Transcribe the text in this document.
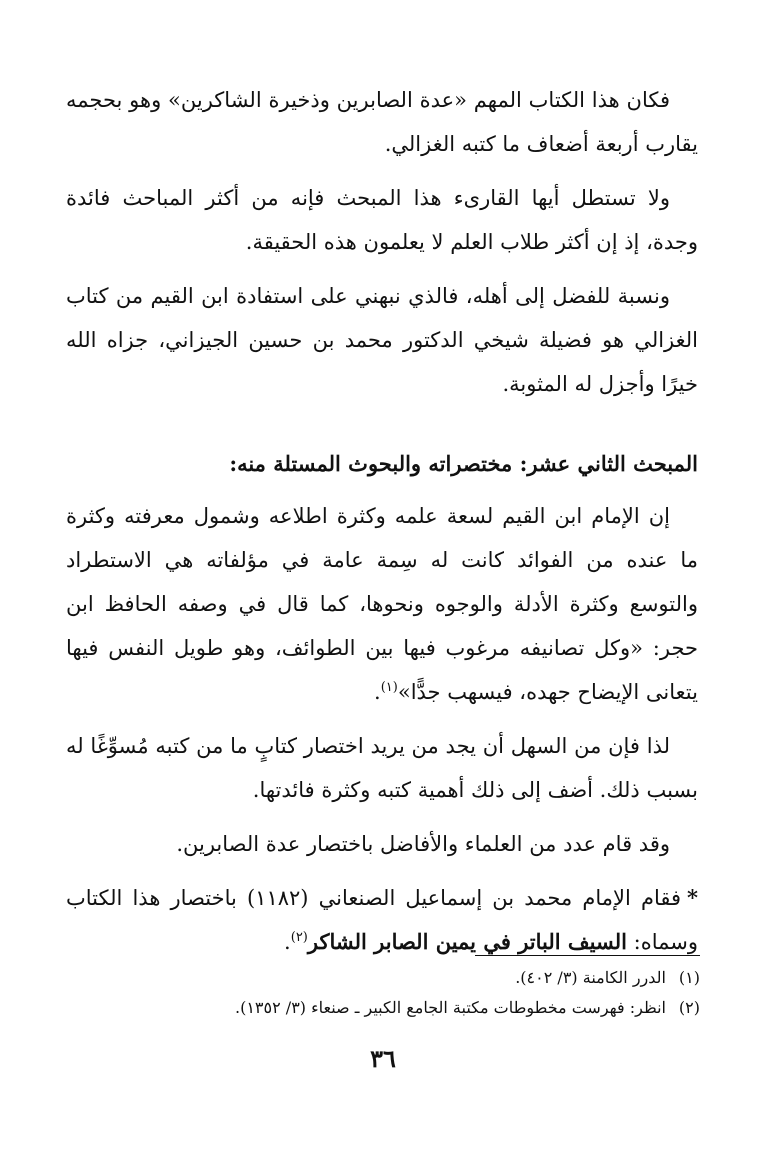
فكان هذا الكتاب المهم «عدة الصابرين وذخيرة الشاكرين» وهو بحجمه يقارب أربعة أضعاف ما كتبه الغزالي.

ولا تستطل أيها القارىء هذا المبحث فإنه من أكثر المباحث فائدة وجدة، إذ إن أكثر طلاب العلم لا يعلمون هذه الحقيقة.

ونسبة للفضل إلى أهله، فالذي نبهني على استفادة ابن القيم من كتاب الغزالي هو فضيلة شيخي الدكتور محمد بن حسين الجيزاني، جزاه الله خيرًا وأجزل له المثوبة.

المبحث الثاني عشر: مختصراته والبحوث المستلة منه:

إن الإمام ابن القيم لسعة علمه وكثرة اطلاعه وشمول معرفته وكثرة ما عنده من الفوائد كانت له سِمة عامة في مؤلفاته هي الاستطراد والتوسع وكثرة الأدلة والوجوه ونحوها، كما قال في وصفه الحافظ ابن حجر: «وكل تصانيفه مرغوب فيها بين الطوائف، وهو طويل النفس فيها يتعانى الإيضاح جهده، فيسهب جدًّا»$^{(١)}$.

لذا فإن من السهل أن يجد من يريد اختصار كتابٍ ما من كتبه مُسوِّغًا له بسبب ذلك. أضف إلى ذلك أهمية كتبه وكثرة فائدتها.

وقد قام عدد من العلماء والأفاضل باختصار عدة الصابرين.

*فقام الإمام محمد بن إسماعيل الصنعاني (١١٨٢) باختصار هذا الكتاب وسماه: السيف الباتر في يمين الصابر الشاكر$^{(٢)}$.

(١)الدرر الكامنة (٣/ ٤٠٢).

(٢)انظر: فهرست مخطوطات مكتبة الجامع الكبير ـ صنعاء (٣/ ١٣٥٢).

٣٦
